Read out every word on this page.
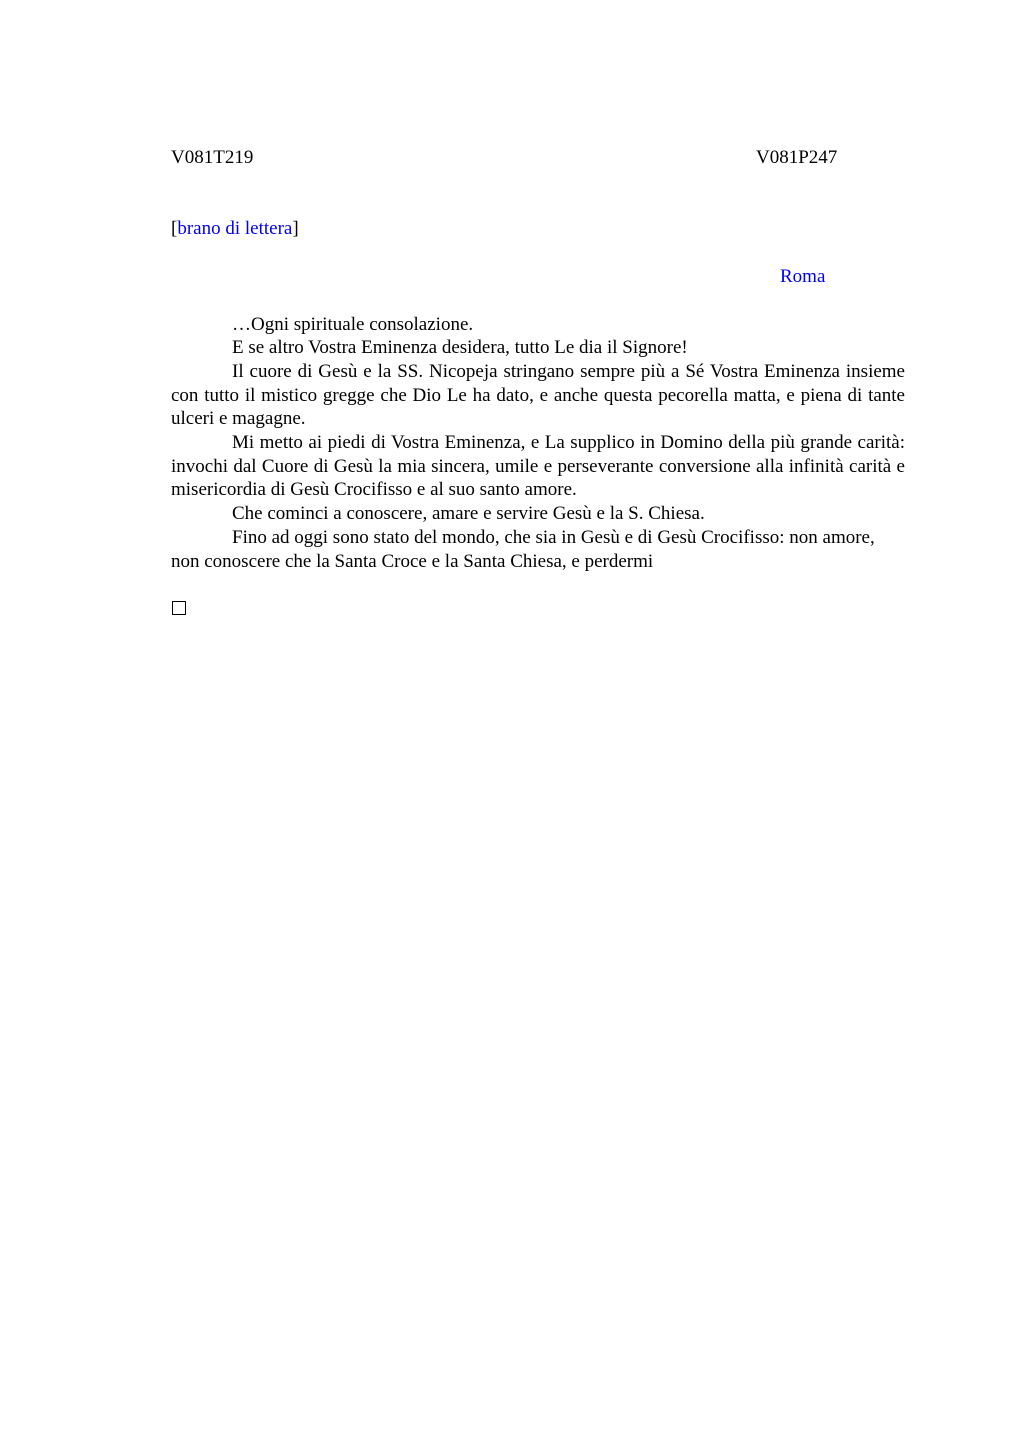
V081T219	V081P247
[brano di lettera]
Roma

…Ogni spirituale consolazione.

E se altro Vostra Eminenza desidera, tutto Le dia il Signore!

Il cuore di Gesù e la SS. Nicopeja stringano sempre più a Sé Vostra Eminenza insieme con tutto il mistico gregge che Dio Le ha dato, e anche questa pecorella matta, e piena di tante ulceri e magagne.

Mi metto ai piedi di Vostra Eminenza, e La supplico in Domino della più grande carità: invochi dal Cuore di Gesù la mia sincera, umile e perseverante conversione alla infinità carità e misericordia di Gesù Crocifisso e al suo santo amore.

Che cominci a conoscere, amare e servire Gesù e la S. Chiesa.

Fino ad oggi sono stato del mondo, che sia in Gesù e di Gesù Crocifisso: non amore, non conoscere che la Santa Croce e la Santa Chiesa, e perdermi
